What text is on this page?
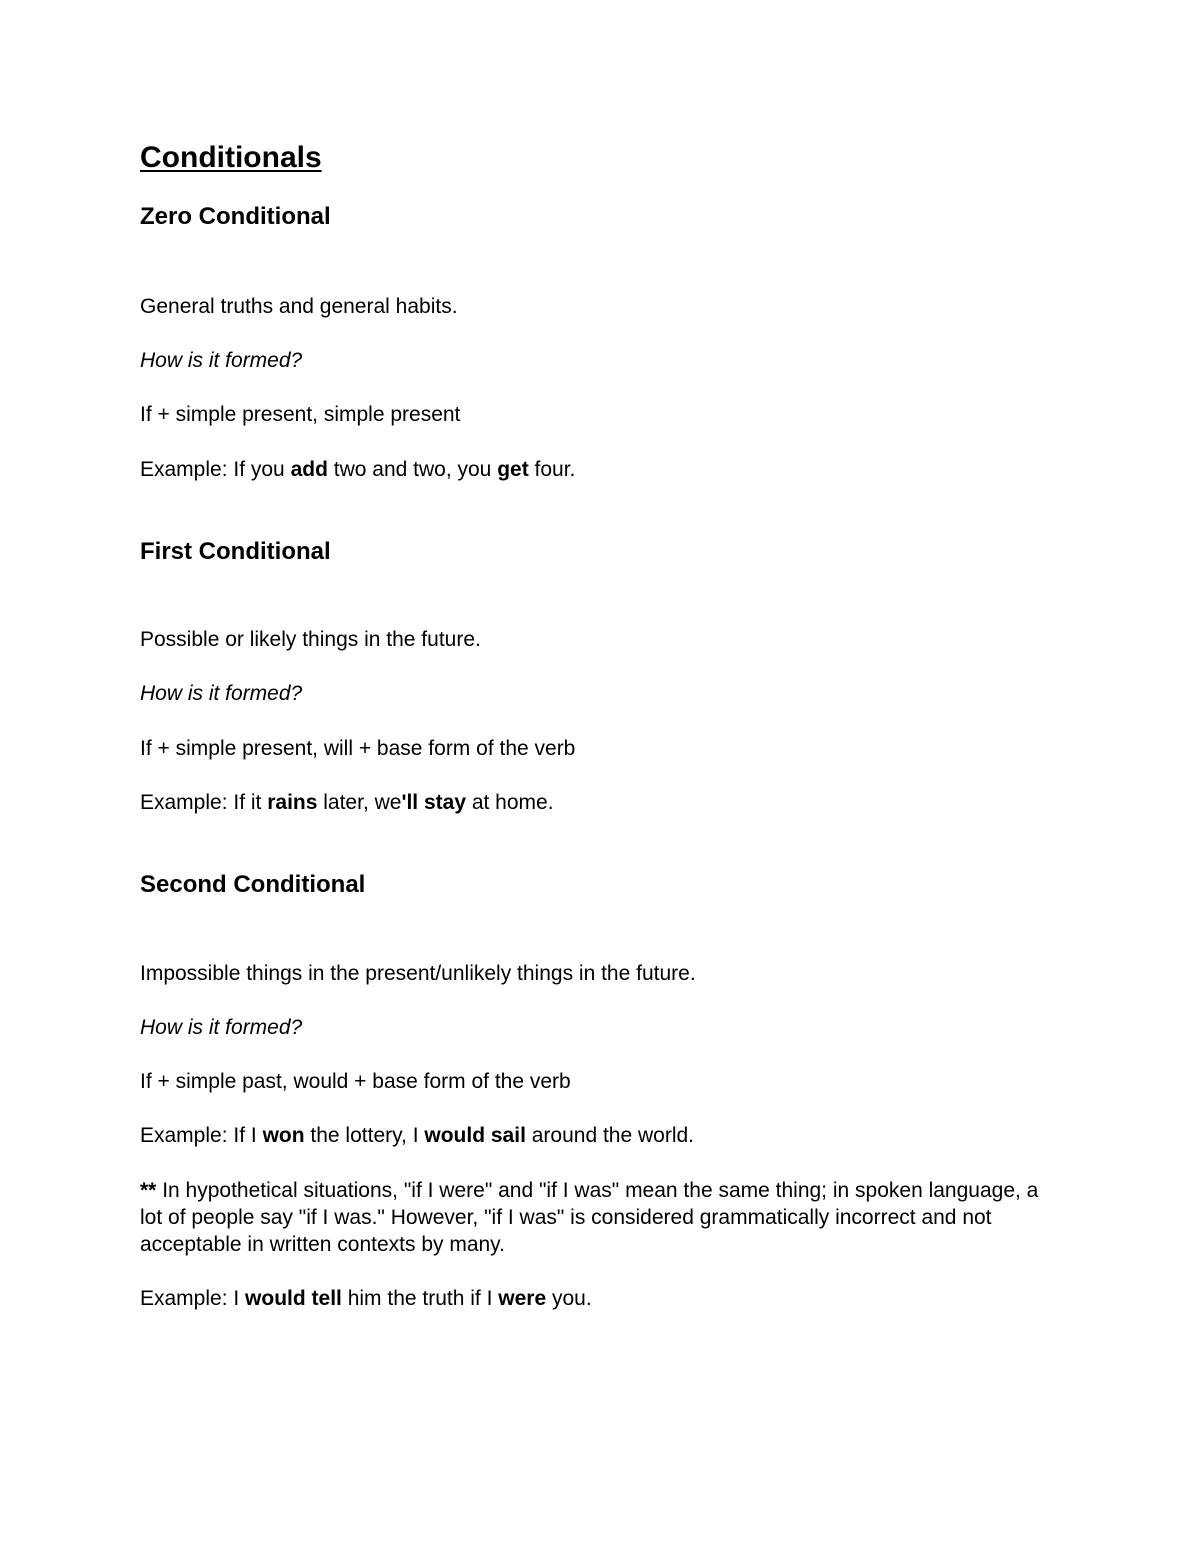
Conditionals
Zero Conditional

General truths and general habits.

How is it formed?

If + simple present, simple present

Example: If you add two and two, you get four.

First Conditional

Possible or likely things in the future.

How is it formed?

If + simple present, will + base form of the verb

Example: If it rains later, we'll stay at home.

Second Conditional

Impossible things in the present/unlikely things in the future.

How is it formed?

If + simple past, would + base form of the verb

Example: If I won the lottery, I would sail around the world.

** In hypothetical situations, "if I were" and "if I was" mean the same thing; in spoken language, a lot of people say "if I was." However, "if I was" is considered grammatically incorrect and not acceptable in written contexts by many.

Example: I would tell him the truth if I were you.
